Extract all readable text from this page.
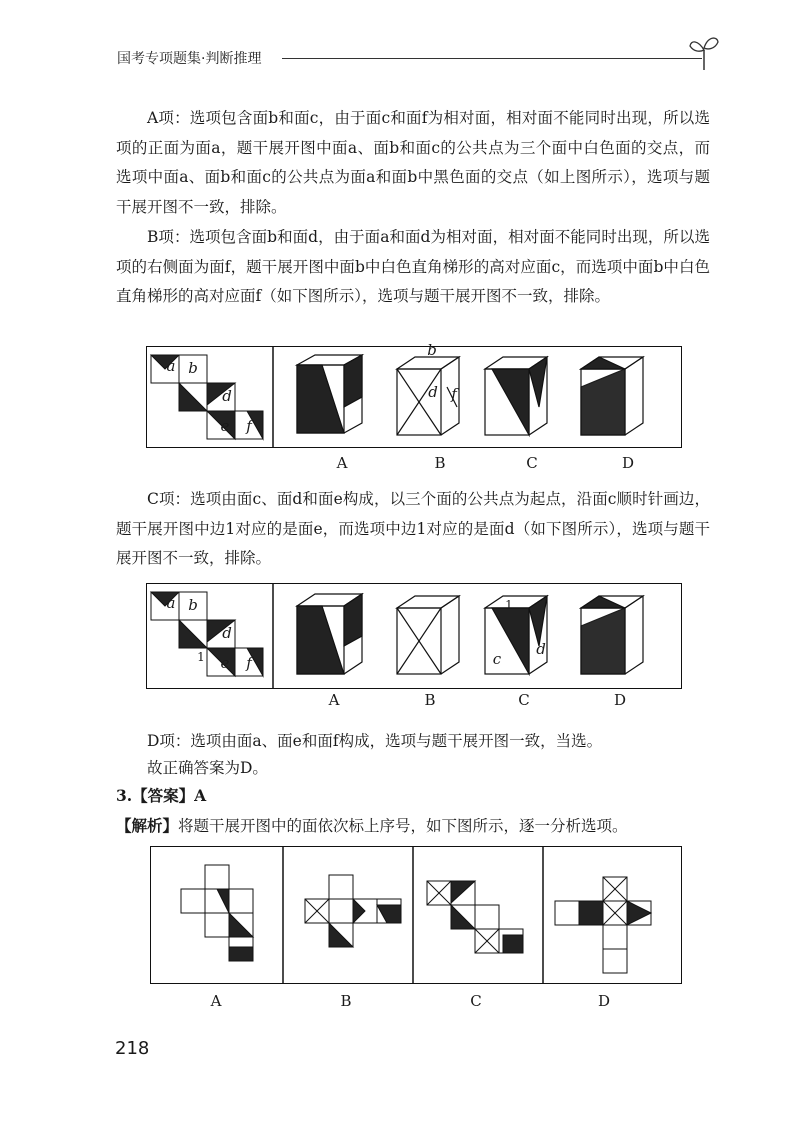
国考专项题集·判断推理

A项：选项包含面b和面c，由于面c和面f为相对面，相对面不能同时出现，所以选项的正面为面a，题干展开图中面a、面b和面c的公共点为三个面中白色面的交点，而选项中面a、面b和面c的公共点为面a和面b中黑色面的交点（如上图所示），选项与题干展开图不一致，排除。

B项：选项包含面b和面d，由于面a和面d为相对面，相对面不能同时出现，所以选项的右侧面为面f，题干展开图中面b中白色直角梯形的高对应面c，而选项中面b中白色直角梯形的高对应面f（如下图所示），选项与题干展开图不一致，排除。

a b
d
e	f
b
d f
A	B	C	D

C项：选项由面c、面d和面e构成，以三个面的公共点为起点，沿面c顺时针画边，题干展开图中边1对应的是面e，而选项中边1对应的是面d（如下图所示），选项与题干展开图不一致，排除。

a b
d
e	f
1	c
d
1
A	B	C	D

D项：选项由面a、面e和面f构成，选项与题干展开图一致，当选。

故正确答案为D。

3.【答案】A

【解析】将题干展开图中的面依次标上序号，如下图所示，逐一分析选项。

A	B	C	D
218
